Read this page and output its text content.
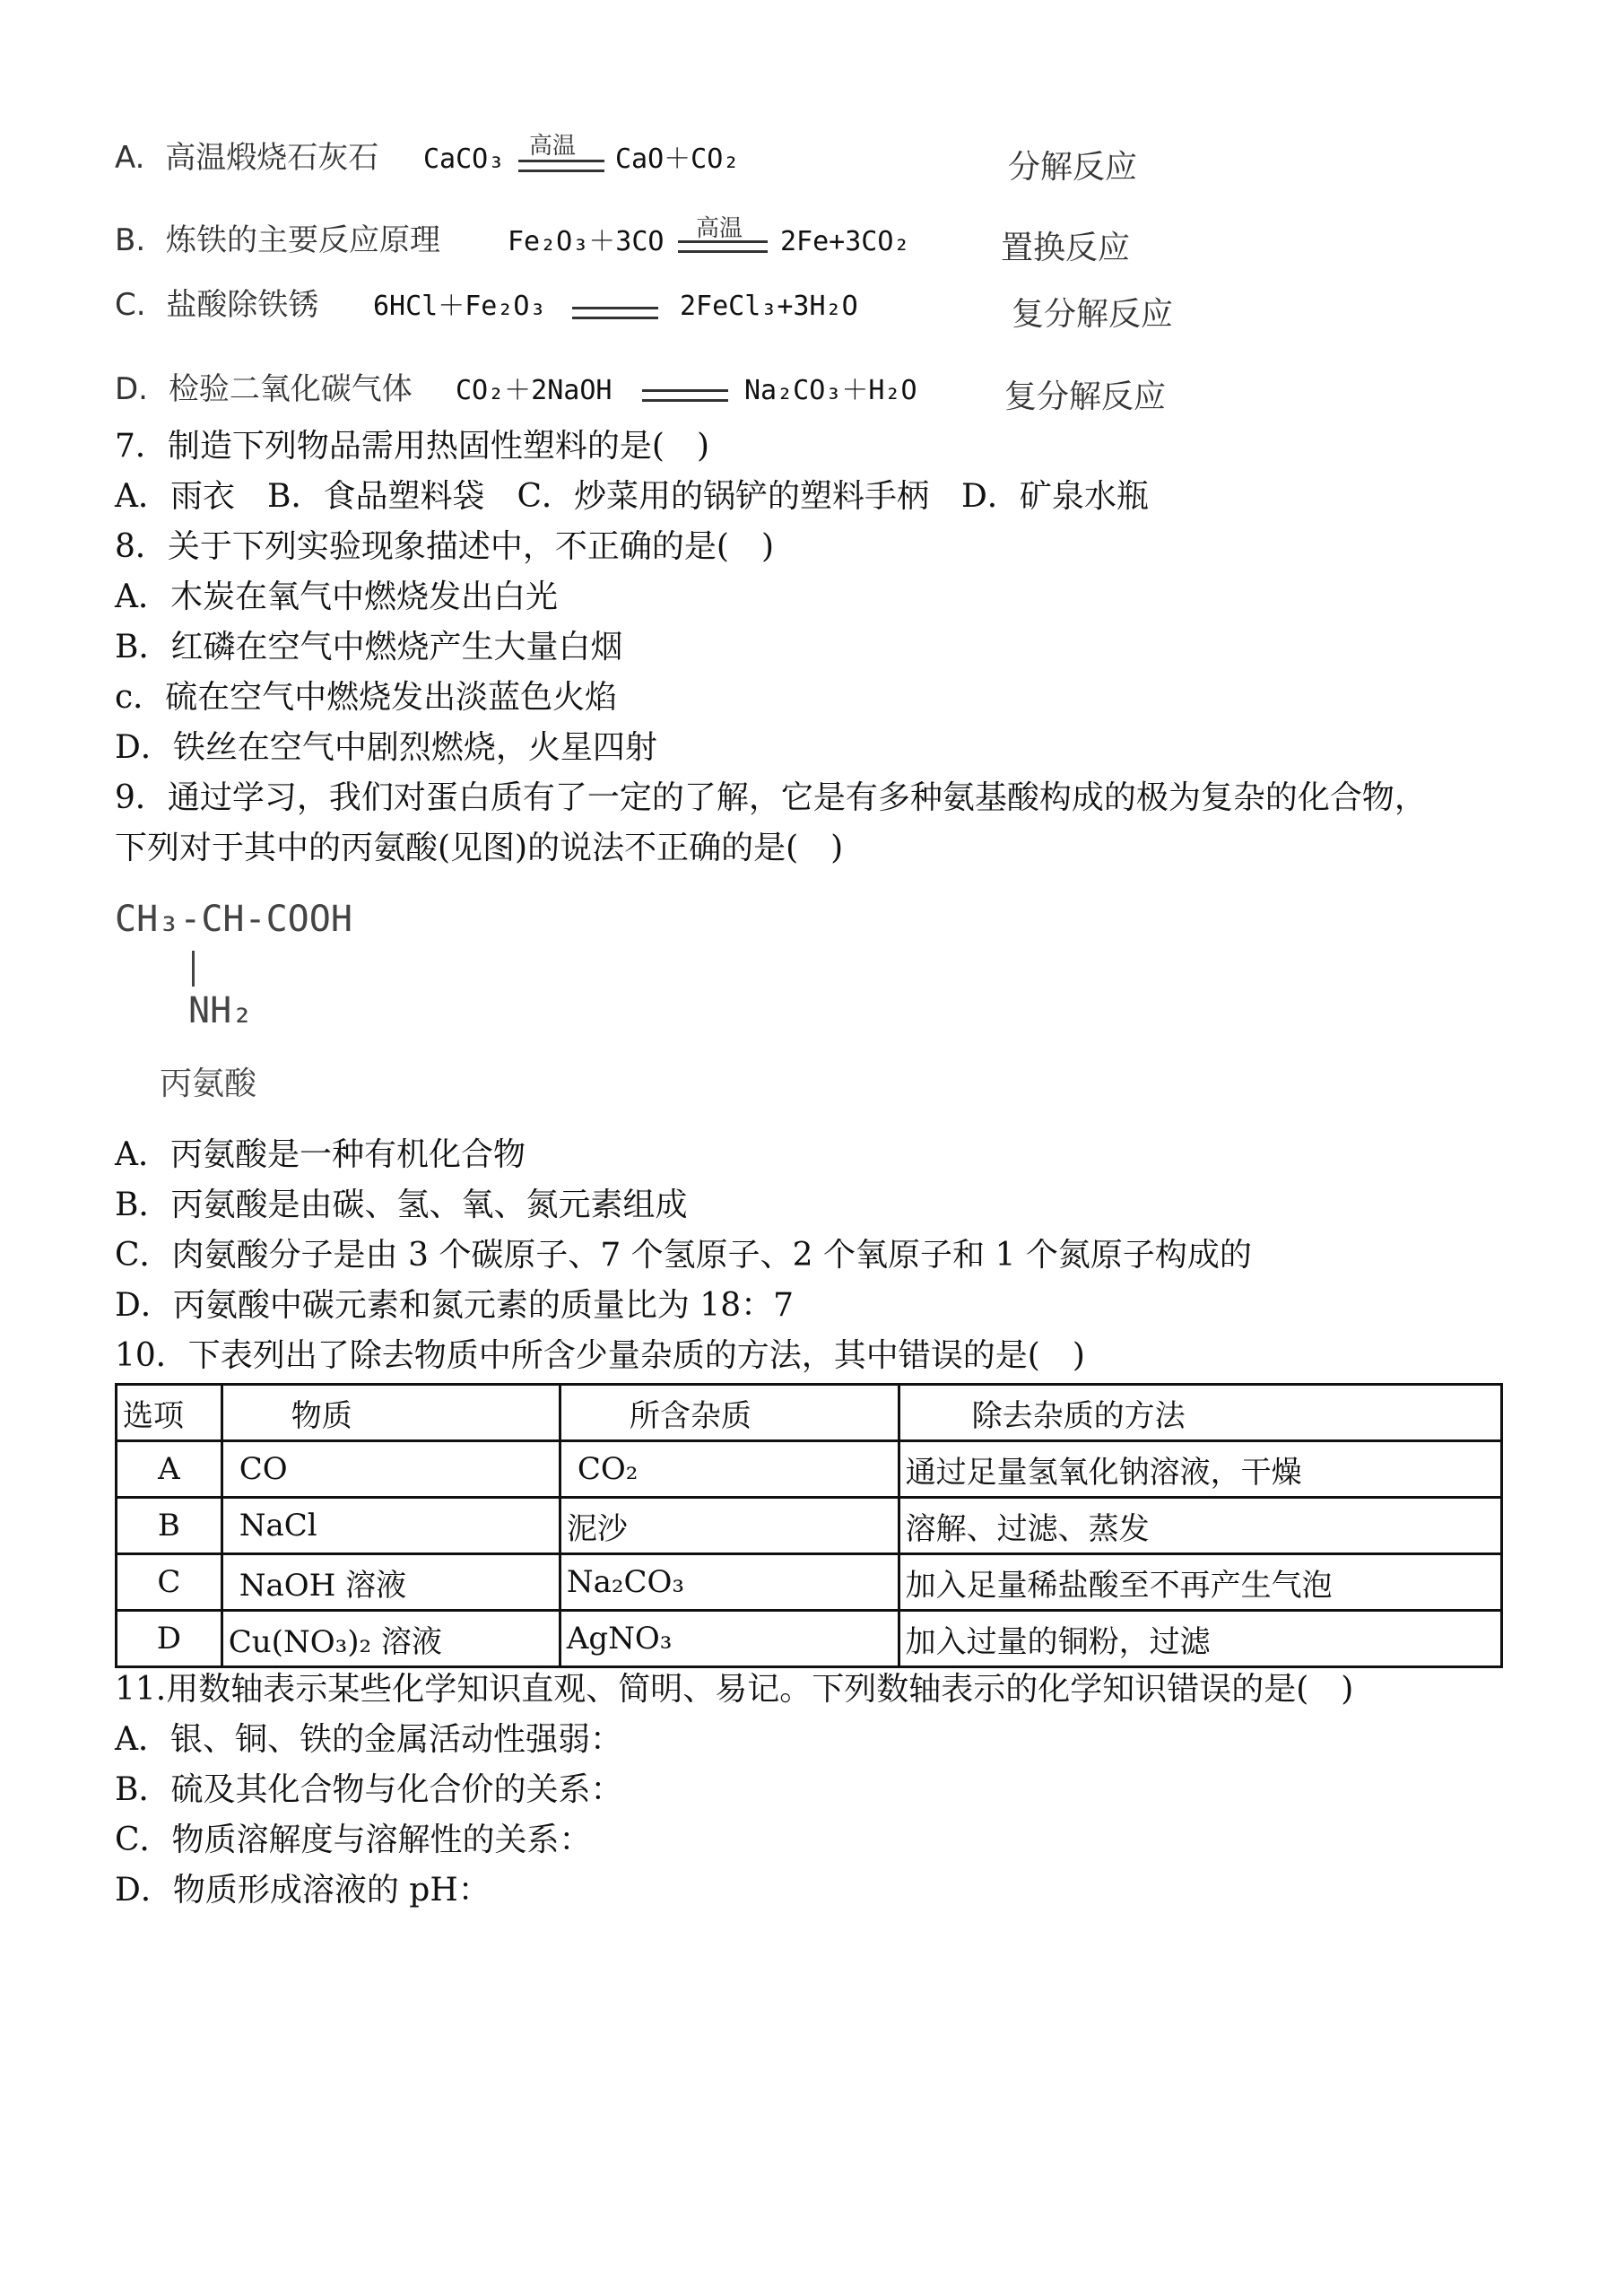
A. 高温煅烧石灰石 CaCO₃ 高温 CaO＋CO₂	分解反应
B. 炼铁的主要反应原理	Fe₂O₃＋3CO 高温 2Fe+3CO₂	置换反应
C. 盐酸除铁锈 6HCl＋Fe₂O₃	2FeCl₃+3H₂O	复分解反应
D. 检验二氧化碳气体 CO₂＋2NaOH	Na₂CO₃＋H₂O	复分解反应
7．制造下列物品需用热固性塑料的是(　)
A．雨衣　B．食品塑料袋　C．炒菜用的锅铲的塑料手柄　D．矿泉水瓶
8．关于下列实验现象描述中，不正确的是(　)
A．木炭在氧气中燃烧发出白光
B．红磷在空气中燃烧产生大量白烟
c．硫在空气中燃烧发出淡蓝色火焰
D．铁丝在空气中剧烈燃烧，火星四射
9．通过学习，我们对蛋白质有了一定的了解，它是有多种氨基酸构成的极为复杂的化合物，
下列对于其中的丙氨酸(见图)的说法不正确的是(　)
CH₃-CH-COOH
NH₂
丙氨酸
A．丙氨酸是一种有机化合物
B．丙氨酸是由碳、氢、氧、氮元素组成
C．肉氨酸分子是由 3 个碳原子、7 个氢原子、2 个氧原子和 1 个氮原子构成的
D．丙氨酸中碳元素和氮元素的质量比为 18：7
10．下表列出了除去物质中所含少量杂质的方法，其中错误的是(　)
选项	物质	所含杂质	除去杂质的方法
A	CO	CO₂	通过足量氢氧化钠溶液，干燥
B	NaCl	泥沙	溶解、过滤、蒸发
C	NaOH 溶液	Na₂CO₃	加入足量稀盐酸至不再产生气泡
D	Cu(NO₃)₂ 溶液	AgNO₃	加入过量的铜粉，过滤
11.用数轴表示某些化学知识直观、简明、易记。下列数轴表示的化学知识错误的是(　)
A．银、铜、铁的金属活动性强弱：
B．硫及其化合物与化合价的关系：
C．物质溶解度与溶解性的关系：
D．物质形成溶液的 pH：
